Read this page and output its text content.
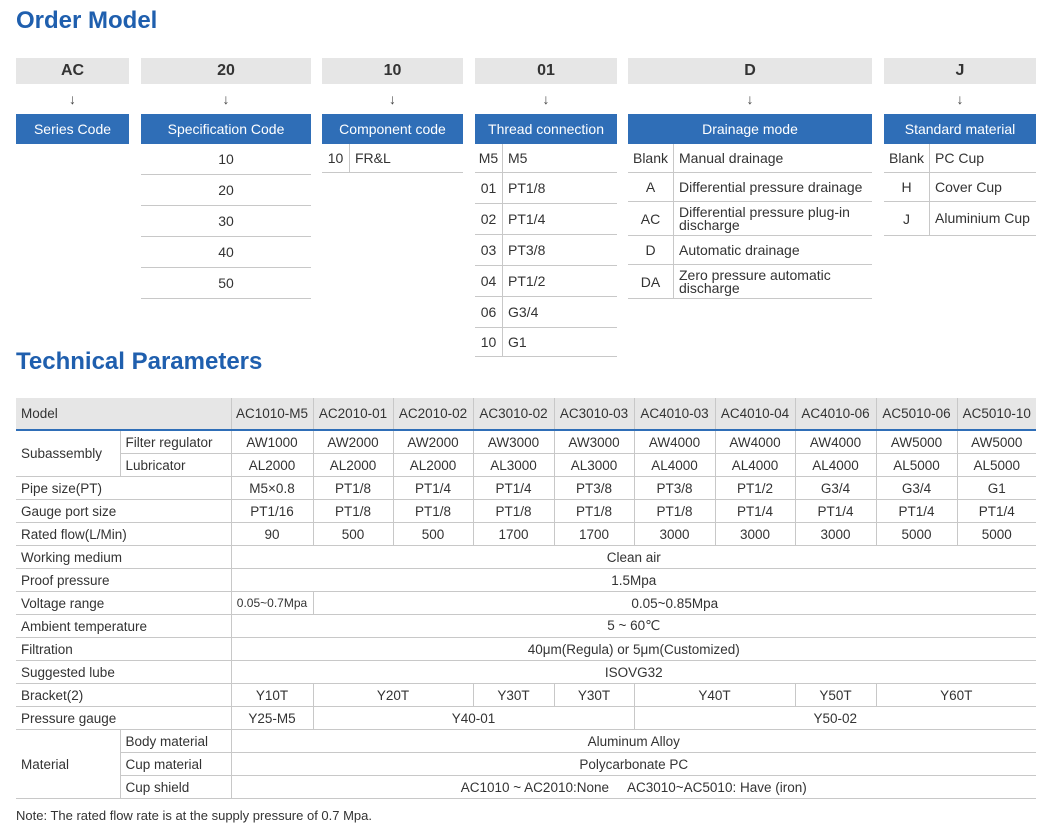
Order Model
AC
↓
Series Code
20
↓
Specification Code
10
20
30
40
50
10
↓
Component code
10 FR&L
01
↓
Thread connection
M5 M5
01 PT1/8
02 PT1/4
03 PT3/8
04 PT1/2
06 G3/4
10 G1
D
↓
Drainage mode
Blank Manual drainage
A	Differential pressure drainage
AC	Differential pressure plug-in discharge
D	Automatic drainage
DA	Zero pressure automatic discharge
J
↓
Standard material
Blank PC Cup
H	Cover Cup
J	Aluminium Cup
Technical Parameters
Model		AC1010-M5	AC2010-01	AC2010-02	AC3010-02	AC3010-03	AC4010-03	AC4010-04	AC4010-06	AC5010-06	AC5010-10
Subassembly	Filter regulator	AW1000	AW2000	AW2000	AW3000	AW3000	AW4000	AW4000	AW4000	AW5000	AW5000
	Lubricator	AL2000	AL2000	AL2000	AL3000	AL3000	AL4000	AL4000	AL4000	AL5000	AL5000
Pipe size(PT)		M5×0.8	PT1/8	PT1/4	PT1/4	PT3/8	PT3/8	PT1/2	G3/4	G3/4	G1
Gauge port size		PT1/16	PT1/8	PT1/8	PT1/8	PT1/8	PT1/8	PT1/4	PT1/4	PT1/4	PT1/4
Rated flow(L/Min)		90	500	500	1700	1700	3000	3000	3000	5000	5000
Working medium		Clean air									
Proof pressure		1.5Mpa									
Voltage range		0.05~0.7Mpa	0.05~0.85Mpa								
Ambient temperature		5 ~ 60℃									
Filtration		40μm(Regula) or 5μm(Customized)									
Suggested lube		ISOVG32									
Bracket(2)		Y10T	Y20T		Y30T	Y30T	Y40T		Y50T	Y60T	
Pressure gauge		Y25-M5	Y40-01				Y50-02				
Material	Body material	Aluminum Alloy									
	Cup material	Polycarbonate PC									
	Cup shield	AC1010 ~ AC2010:None     AC3010~AC5010: Have (iron)									
Note: The rated flow rate is at the supply pressure of 0.7 Mpa.
